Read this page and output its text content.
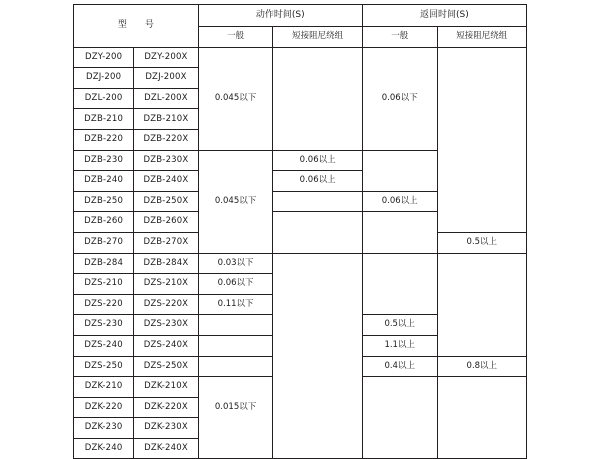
型　　号		动作时间(S)		返回时间(S)	
		一般	短接阻尼绕组	一般	短接阻尼绕组
DZY-200	DZY-200X				
DZJ-200	DZJ-200X				
DZL-200	DZL-200X	0.045以下		0.06以下	
DZB-210	DZB-210X				
DZB-220	DZB-220X				
DZB-230	DZB-230X		0.06以上		
DZB-240	DZB-240X		0.06以上		
DZB-250	DZB-250X	0.045以下		0.06以上	
DZB-260	DZB-260X				
DZB-270	DZB-270X				0.5以上
DZB-284	DZB-284X	0.03以下			
DZS-210	DZS-210X	0.06以下			
DZS-220	DZS-220X	0.11以下			
DZS-230	DZS-230X			0.5以上	
DZS-240	DZS-240X			1.1以上	
DZS-250	DZS-250X			0.4以上	0.8以上
DZK-210	DZK-210X				
DZK-220	DZK-220X	0.015以下			
DZK-230	DZK-230X				
DZK-240	DZK-240X				
